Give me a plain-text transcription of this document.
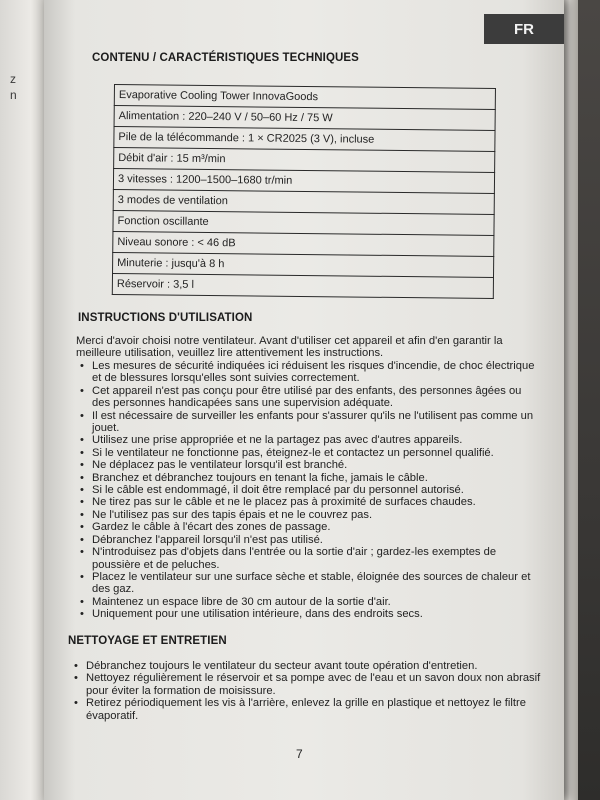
z
n
FR
CONTENU / CARACTÉRISTIQUES TECHNIQUES
Evaporative Cooling Tower InnovaGoods
Alimentation : 220–240 V / 50–60 Hz / 75 W
Pile de la télécommande : 1 × CR2025 (3 V), incluse
Débit d'air : 15 m³/min
3 vitesses : 1200–1500–1680 tr/min
3 modes de ventilation
Fonction oscillante
Niveau sonore : < 46 dB
Minuterie : jusqu'à 8 h
Réservoir : 3,5 l
INSTRUCTIONS D'UTILISATION
Merci d'avoir choisi notre ventilateur. Avant d'utiliser cet appareil et afin d'en garantir la meilleure utilisation, veuillez lire attentivement les instructions.
• Les mesures de sécurité indiquées ici réduisent les risques d'incendie, de choc électrique et de blessures lorsqu'elles sont suivies correctement.
• Cet appareil n'est pas conçu pour être utilisé par des enfants, des personnes âgées ou des personnes handicapées sans une supervision adéquate.
• Il est nécessaire de surveiller les enfants pour s'assurer qu'ils ne l'utilisent pas comme un jouet.
• Utilisez une prise appropriée et ne la partagez pas avec d'autres appareils.
• Si le ventilateur ne fonctionne pas, éteignez-le et contactez un personnel qualifié.
• Ne déplacez pas le ventilateur lorsqu'il est branché.
• Branchez et débranchez toujours en tenant la fiche, jamais le câble.
• Si le câble est endommagé, il doit être remplacé par du personnel autorisé.
• Ne tirez pas sur le câble et ne le placez pas à proximité de surfaces chaudes.
• Ne l'utilisez pas sur des tapis épais et ne le couvrez pas.
• Gardez le câble à l'écart des zones de passage.
• Débranchez l'appareil lorsqu'il n'est pas utilisé.
• N'introduisez pas d'objets dans l'entrée ou la sortie d'air ; gardez-les exemptes de poussière et de peluches.
• Placez le ventilateur sur une surface sèche et stable, éloignée des sources de chaleur et des gaz.
• Maintenez un espace libre de 30 cm autour de la sortie d'air.
• Uniquement pour une utilisation intérieure, dans des endroits secs.
NETTOYAGE ET ENTRETIEN
• Débranchez toujours le ventilateur du secteur avant toute opération d'entretien.
• Nettoyez régulièrement le réservoir et sa pompe avec de l'eau et un savon doux non abrasif pour éviter la formation de moisissure.
• Retirez périodiquement les vis à l'arrière, enlevez la grille en plastique et nettoyez le filtre évaporatif.
7
